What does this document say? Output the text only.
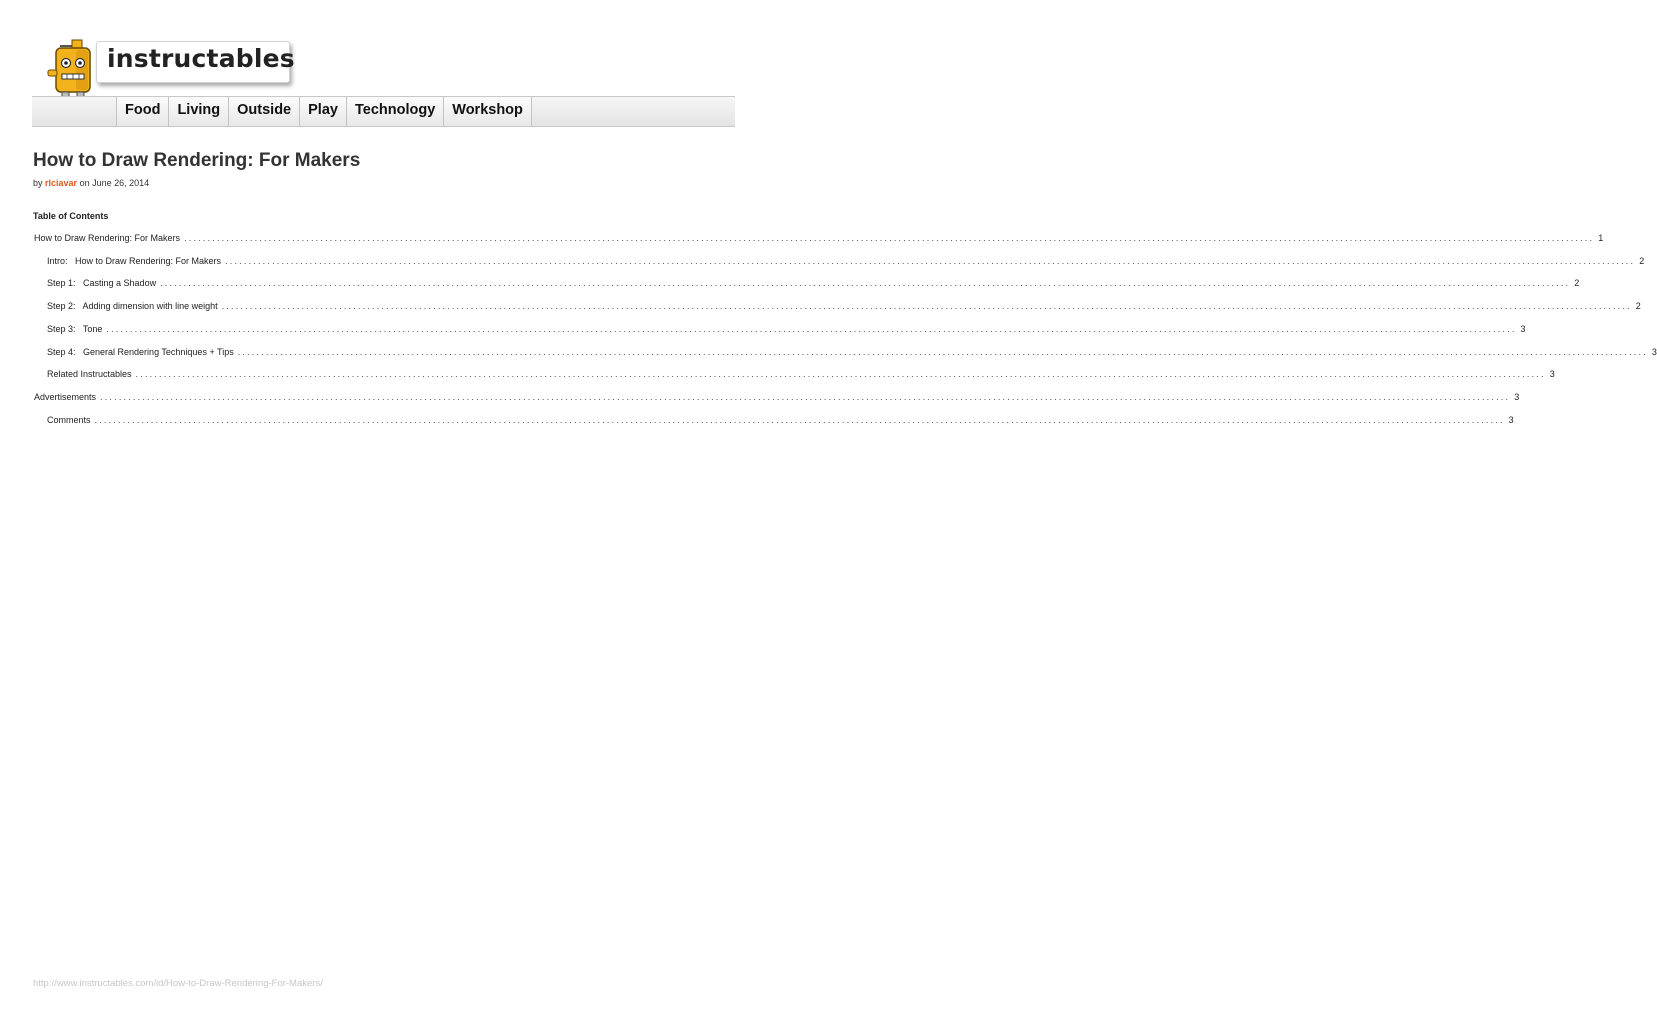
instructables
Food	Living	Outside	Play	Technology	Workshop
How to Draw Rendering: For Makers
by rlciavar on June 26, 2014
Table of Contents
How to Draw Rendering: For Makers ............................................................................................................................................................................................................................................................................................................ 1
Intro:   How to Draw Rendering: For Makers ............................................................................................................................................................................................................................................................................................................ 2
Step 1:   Casting a Shadow ............................................................................................................................................................................................................................................................................................................ 2
Step 2:   Adding dimension with line weight ............................................................................................................................................................................................................................................................................................................ 2
Step 3:   Tone ............................................................................................................................................................................................................................................................................................................ 3
Step 4:   General Rendering Techniques + Tips ............................................................................................................................................................................................................................................................................................................ 3
Related Instructables ............................................................................................................................................................................................................................................................................................................ 3
Advertisements ............................................................................................................................................................................................................................................................................................................ 3
Comments ............................................................................................................................................................................................................................................................................................................ 3
http://www.instructables.com/id/How-to-Draw-Rendering-For-Makers/
